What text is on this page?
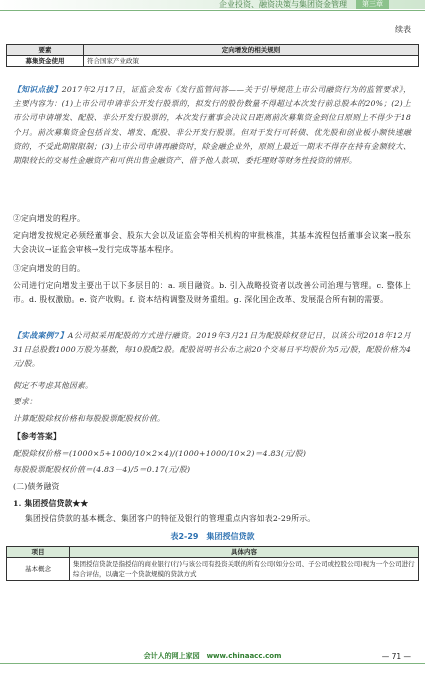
企业投资、融资决策与集团资金管理	第三章
续表
要素	定向增发的相关规则
募集资金使用	符合国家产业政策
【知识点拔】2017年2月17日，证监会发布《发行监管问答——关于引导规范上市公司融资行为的监管要求》，主要内容为：(1)上市公司申请非公开发行股票的，拟发行的股份数量不得超过本次发行前总股本的20%；(2)上市公司申请增发、配股、非公开发行股票的，本次发行董事会决议日距离前次募集资金到位日原则上不得少于18个月。前次募集资金包括首发、增发、配股、非公开发行股票。但对于发行可转债、优先股和创业板小额快速融资的，不受此期限限制；(3)上市公司申请再融资时，除金融企业外，原则上最近一期末不得存在持有金额较大、期限较长的交易性金融资产和可供出售金融资产、借予他人款项、委托理财等财务性投资的情形。
②定向增发的程序。
定向增发按规定必须经董事会、股东大会以及证监会等相关机构的审批核准，其基本流程包括董事会议案→股东大会决议→证监会审核→发行完成等基本程序。
③定向增发的目的。
公司进行定向增发主要出于以下多层目的：a. 项目融资。b. 引入战略投资者以改善公司治理与管理。c. 整体上市。d. 股权激励。e. 资产收购。f. 资本结构调整及财务重组。g. 深化国企改革、发展混合所有制的需要。
【实战案例7】A公司拟采用配股的方式进行融资。2019年3月21日为配股除权登记日，以该公司2018年12月31日总股数1000万股为基数，每10股配2股。配股说明书公布之前20个交易日平均股价为5元/股，配股价格为4元/股。
假定不考虑其他因素。
要求：
计算配股除权价格和每股股票配股权价值。
【参考答案】
配股除权价格＝(1000×5+1000/10×2×4)/(1000+1000/10×2)＝4.83(元/股)
每股股票配股权价值＝(4.83－4)/5＝0.17(元/股)
(二)债务融资
1. 集团授信贷款★★
集团授信贷款的基本概念、集团客户的特征及银行的管理重点内容如表2-29所示。
表2-29　集团授信贷款
项目	具体内容
基本概念	集团授信贷款是指授信的商业银行(行)与该公司有投资关联的所有公司(如分公司、子公司或控股公司)视为一个公司进行综合评估，以确定一个贷款规模的贷款方式
会计人的网上家园　www.chinaacc.com	— 71 —
